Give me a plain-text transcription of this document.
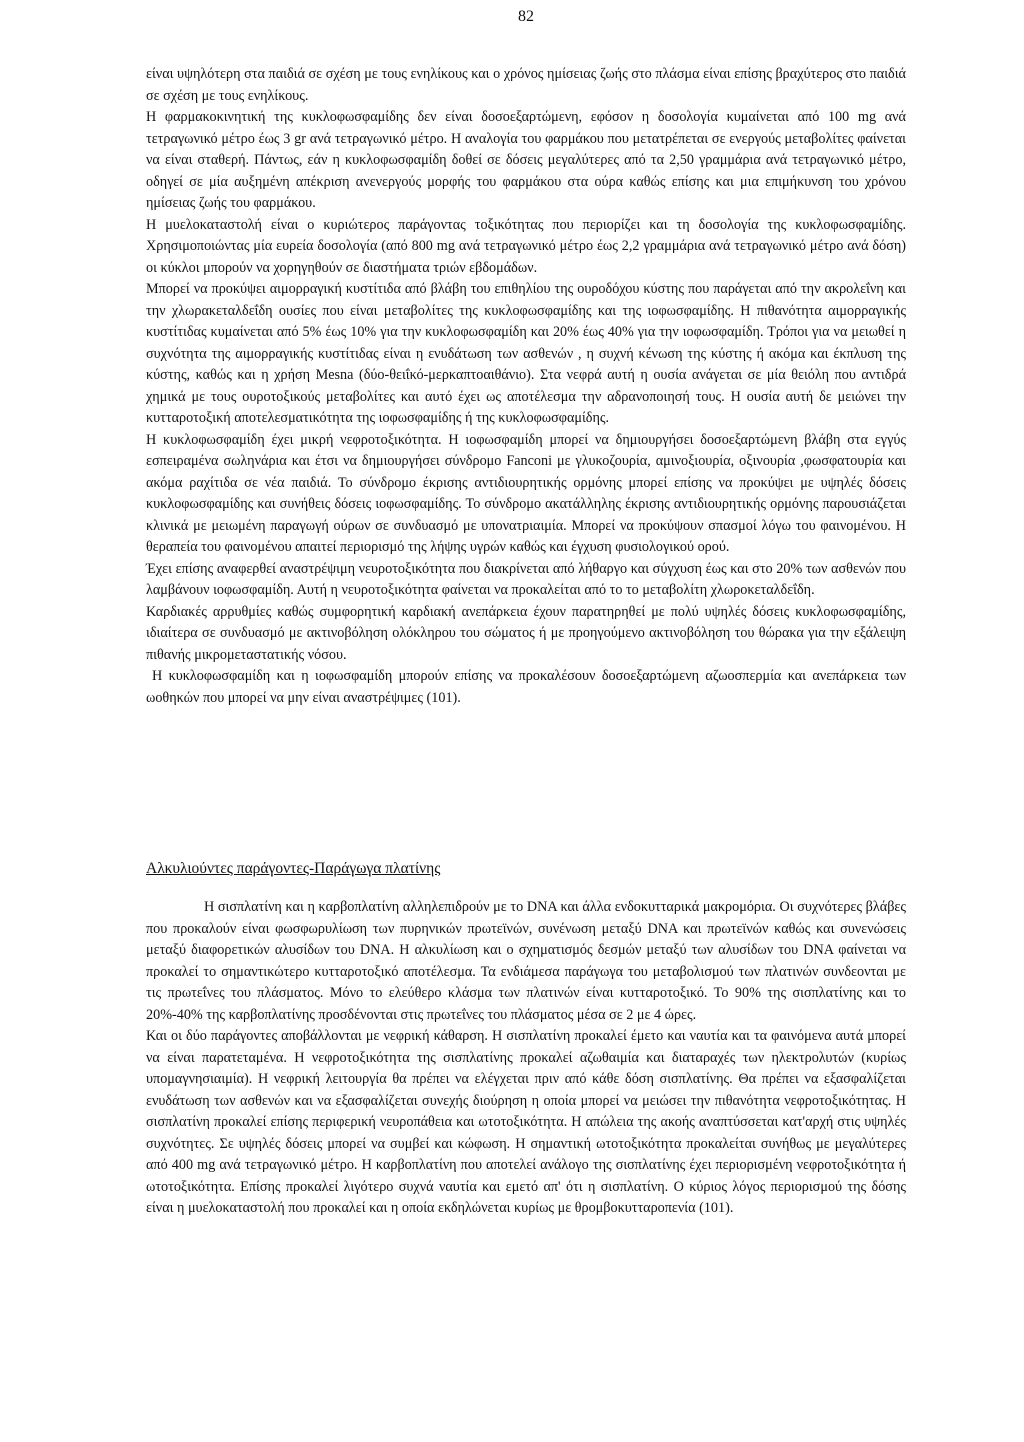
82

είναι υψηλότερη στα παιδιά σε σχέση με τους ενηλίκους και ο χρόνος ημίσειας ζωής στο πλάσμα είναι επίσης βραχύτερος στο παιδιά σε σχέση με τους ενηλίκους.

Η φαρμακοκινητική της κυκλοφωσφαμίδης δεν είναι δοσοεξαρτώμενη, εφόσον η δοσολογία κυμαίνεται από 100 mg ανά τετραγωνικό μέτρο έως 3 gr ανά τετραγωνικό μέτρο. Η αναλογία του φαρμάκου που μετατρέπεται σε ενεργούς μεταβολίτες φαίνεται να είναι σταθερή. Πάντως, εάν η κυκλοφωσφαμίδη δοθεί σε δόσεις μεγαλύτερες από τα 2,50 γραμμάρια ανά τετραγωνικό μέτρο, οδηγεί σε μία αυξημένη απέκριση ανενεργούς μορφής του φαρμάκου στα ούρα καθώς επίσης και μια επιμήκυνση του χρόνου ημίσειας ζωής του φαρμάκου.

Η μυελοκαταστολή είναι ο κυριώτερος παράγοντας τοξικότητας που περιορίζει και τη δοσολογία της κυκλοφωσφαμίδης. Χρησιμοποιώντας μία ευρεία δοσολογία (από 800 mg ανά τετραγωνικό μέτρο έως 2,2 γραμμάρια ανά τετραγωνικό μέτρο ανά δόση) οι κύκλοι μπορούν να χορηγηθούν σε διαστήματα τριών εβδομάδων.

Μπορεί να προκύψει αιμορραγική κυστίτιδα από βλάβη του επιθηλίου της ουροδόχου κύστης που παράγεται από την ακρολεΐνη και την χλωρακεταλδεΐδη ουσίες που είναι μεταβολίτες της κυκλοφωσφαμίδης και της ιοφωσφαμίδης. Η πιθανότητα αιμορραγικής κυστίτιδας κυμαίνεται από 5% έως 10% για την κυκλοφωσφαμίδη και 20% έως 40% για την ιοφωσφαμίδη. Τρόποι για να μειωθεί η συχνότητα της αιμορραγικής κυστίτιδας είναι η ενυδάτωση των ασθενών , η συχνή κένωση της κύστης ή ακόμα και έκπλυση της κύστης, καθώς και η χρήση Mesna (δύο-θειΐκό-μερκαπτοαιθάνιο). Στα νεφρά αυτή η ουσία ανάγεται σε μία θειόλη που αντιδρά χημικά με τους ουροτοξικούς μεταβολίτες και αυτό έχει ως αποτέλεσμα την αδρανοποιησή τους. Η ουσία αυτή δε μειώνει την κυτταροτοξική αποτελεσματικότητα της ιοφωσφαμίδης ή της κυκλοφωσφαμίδης.

Η κυκλοφωσφαμίδη έχει μικρή νεφροτοξικότητα. Η ιοφωσφαμίδη μπορεί να δημιουργήσει δοσοεξαρτώμενη βλάβη στα εγγύς εσπειραμένα σωληνάρια και έτσι να δημιουργήσει σύνδρομο Fanconi με γλυκοζουρία, αμινοξιουρία, οξινουρία ,φωσφατουρία και ακόμα ραχίτιδα σε νέα παιδιά. Το σύνδρομο έκρισης αντιδιουρητικής ορμόνης μπορεί επίσης να προκύψει με υψηλές δόσεις κυκλοφωσφαμίδης και συνήθεις δόσεις ιοφωσφαμίδης. Το σύνδρομο ακατάλληλης έκρισης αντιδιουρητικής ορμόνης παρουσιάζεται κλινικά με μειωμένη παραγωγή ούρων σε συνδυασμό με υπονατριαιμία. Μπορεί να προκύψουν σπασμοί λόγω του φαινομένου. Η θεραπεία του φαινομένου απαιτεί περιορισμό της λήψης υγρών καθώς και έγχυση φυσιολογικού ορού.

Έχει επίσης αναφερθεί αναστρέψιμη νευροτοξικότητα που διακρίνεται από λήθαργο και σύγχυση έως και στο 20% των ασθενών που λαμβάνουν ιοφωσφαμίδη. Αυτή η νευροτοξικότητα φαίνεται να προκαλείται από το το μεταβολίτη χλωροκεταλδεΐδη.

Καρδιακές αρρυθμίες καθώς συμφορητική καρδιακή ανεπάρκεια έχουν παρατηρηθεί με πολύ υψηλές δόσεις κυκλοφωσφαμίδης, ιδιαίτερα σε συνδυασμό με ακτινοβόληση ολόκληρου του σώματος ή με προηγούμενο ακτινοβόληση του θώρακα για την εξάλειψη πιθανής μικρομεταστατικής νόσου.

Η κυκλοφωσφαμίδη και η ιοφωσφαμίδη μπορούν επίσης να προκαλέσουν δοσοεξαρτώμενη αζωοσπερμία και ανεπάρκεια των ωοθηκών που μπορεί να μην είναι αναστρέψιμες (101).

Αλκυλιούντες παράγοντες-Παράγωγα πλατίνης

Η σισπλατίνη και η καρβοπλατίνη αλληλεπιδρούν με το DNA και άλλα ενδοκυτταρικά μακρομόρια. Οι συχνότερες βλάβες που προκαλούν είναι φωσφωρυλίωση των πυρηνικών πρωτεϊνών, συνένωση μεταξύ DNA και πρωτεϊνών καθώς και συνενώσεις μεταξύ διαφορετικών αλυσίδων του DNA. Η αλκυλίωση και ο σχηματισμός δεσμών μεταξύ των αλυσίδων του DNA φαίνεται να προκαλεί το σημαντικώτερο κυτταροτοξικό αποτέλεσμα. Τα ενδιάμεσα παράγωγα του μεταβολισμού των πλατινών συνδεονται με τις πρωτεΐνες του πλάσματος. Μόνο το ελεύθερο κλάσμα των πλατινών είναι κυτταροτοξικό. Το 90% της σισπλατίνης και το 20%-40% της καρβοπλατίνης προσδένονται στις πρωτεΐνες του πλάσματος μέσα σε 2 με 4 ώρες.

Και οι δύο παράγοντες αποβάλλονται με νεφρική κάθαρση. Η σισπλατίνη προκαλεί έμετο και ναυτία και τα φαινόμενα αυτά μπορεί να είναι παρατεταμένα. Η νεφροτοξικότητα της σισπλατίνης προκαλεί αζωθαιμία και διαταραχές των ηλεκτρολυτών (κυρίως υπομαγνησιαιμία). Η νεφρική λειτουργία θα πρέπει να ελέγχεται πριν από κάθε δόση σισπλατίνης. Θα πρέπει να εξασφαλίζεται ενυδάτωση των ασθενών και να εξασφαλίζεται συνεχής διούρηση η οποία μπορεί να μειώσει την πιθανότητα νεφροτοξικότητας. Η σισπλατίνη προκαλεί επίσης περιφερική νευροπάθεια και ωτοτοξικότητα. Η απώλεια της ακοής αναπτύσσεται κατ'αρχή στις υψηλές συχνότητες. Σε υψηλές δόσεις μπορεί να συμβεί και κώφωση. Η σημαντική ωτοτοξικότητα προκαλείται συνήθως με μεγαλύτερες από 400 mg ανά τετραγωνικό μέτρο. Η καρβοπλατίνη που αποτελεί ανάλογο της σισπλατίνης έχει περιορισμένη νεφροτοξικότητα ή ωτοτοξικότητα. Επίσης προκαλεί λιγότερο συχνά ναυτία και εμετό απ' ότι η σισπλατίνη. Ο κύριος λόγος περιορισμού της δόσης είναι η μυελοκαταστολή που προκαλεί και η οποία εκδηλώνεται κυρίως με θρομβοκυτταροπενία (101).
